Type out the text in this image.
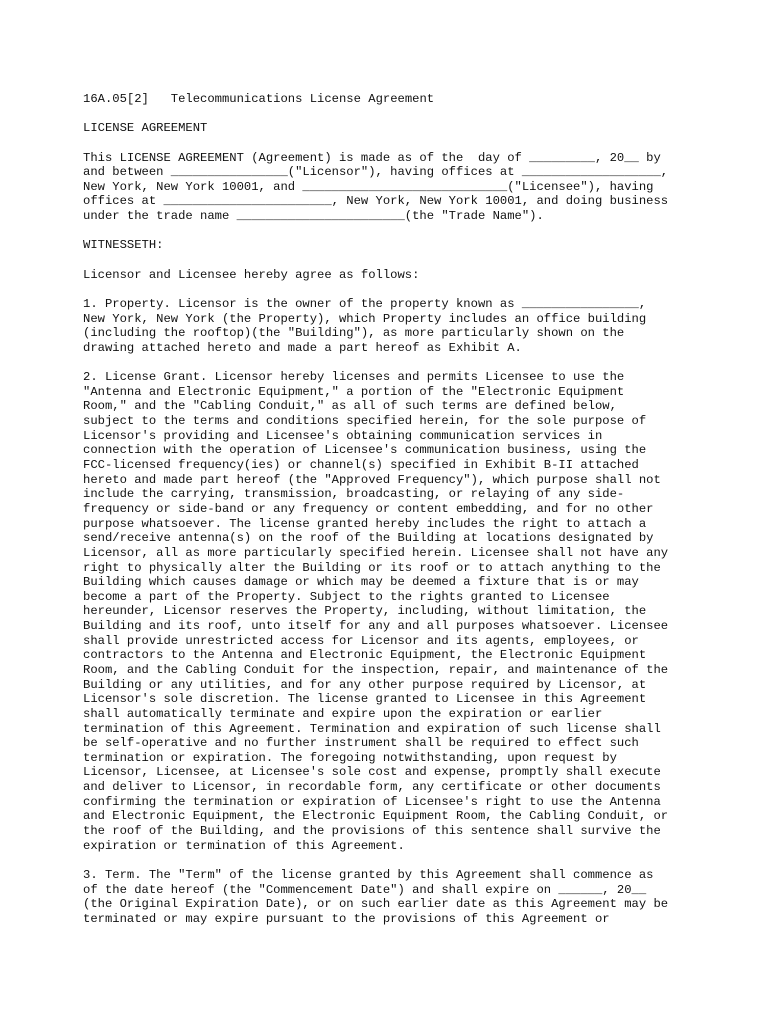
16A.05[2] Telecommunications License Agreement
LICENSE AGREEMENT
This LICENSE AGREEMENT (Agreement) is made as of the  day of _________, 20__ by
and between ________________("Licensor"), having offices at ___________________,
New York, New York 10001, and ____________________________("Licensee"), having
offices at _______________________, New York, New York 10001, and doing business
under the trade name _______________________(the "Trade Name").
WITNESSETH:
Licensor and Licensee hereby agree as follows:
1. Property. Licensor is the owner of the property known as ________________,
New York, New York (the Property), which Property includes an office building
(including the rooftop)(the "Building"), as more particularly shown on the
drawing attached hereto and made a part hereof as Exhibit A.
2. License Grant. Licensor hereby licenses and permits Licensee to use the
"Antenna and Electronic Equipment," a portion of the "Electronic Equipment
Room," and the "Cabling Conduit," as all of such terms are defined below,
subject to the terms and conditions specified herein, for the sole purpose of
Licensor's providing and Licensee's obtaining communication services in
connection with the operation of Licensee's communication business, using the
FCC-licensed frequency(ies) or channel(s) specified in Exhibit B-II attached
hereto and made part hereof (the "Approved Frequency"), which purpose shall not
include the carrying, transmission, broadcasting, or relaying of any side-
frequency or side-band or any frequency or content embedding, and for no other
purpose whatsoever. The license granted hereby includes the right to attach a
send/receive antenna(s) on the roof of the Building at locations designated by
Licensor, all as more particularly specified herein. Licensee shall not have any
right to physically alter the Building or its roof or to attach anything to the
Building which causes damage or which may be deemed a fixture that is or may
become a part of the Property. Subject to the rights granted to Licensee
hereunder, Licensor reserves the Property, including, without limitation, the
Building and its roof, unto itself for any and all purposes whatsoever. Licensee
shall provide unrestricted access for Licensor and its agents, employees, or
contractors to the Antenna and Electronic Equipment, the Electronic Equipment
Room, and the Cabling Conduit for the inspection, repair, and maintenance of the
Building or any utilities, and for any other purpose required by Licensor, at
Licensor's sole discretion. The license granted to Licensee in this Agreement
shall automatically terminate and expire upon the expiration or earlier
termination of this Agreement. Termination and expiration of such license shall
be self-operative and no further instrument shall be required to effect such
termination or expiration. The foregoing notwithstanding, upon request by
Licensor, Licensee, at Licensee's sole cost and expense, promptly shall execute
and deliver to Licensor, in recordable form, any certificate or other documents
confirming the termination or expiration of Licensee's right to use the Antenna
and Electronic Equipment, the Electronic Equipment Room, the Cabling Conduit, or
the roof of the Building, and the provisions of this sentence shall survive the
expiration or termination of this Agreement.
3. Term. The "Term" of the license granted by this Agreement shall commence as
of the date hereof (the "Commencement Date") and shall expire on ______, 20__
(the Original Expiration Date), or on such earlier date as this Agreement may be
terminated or may expire pursuant to the provisions of this Agreement or
